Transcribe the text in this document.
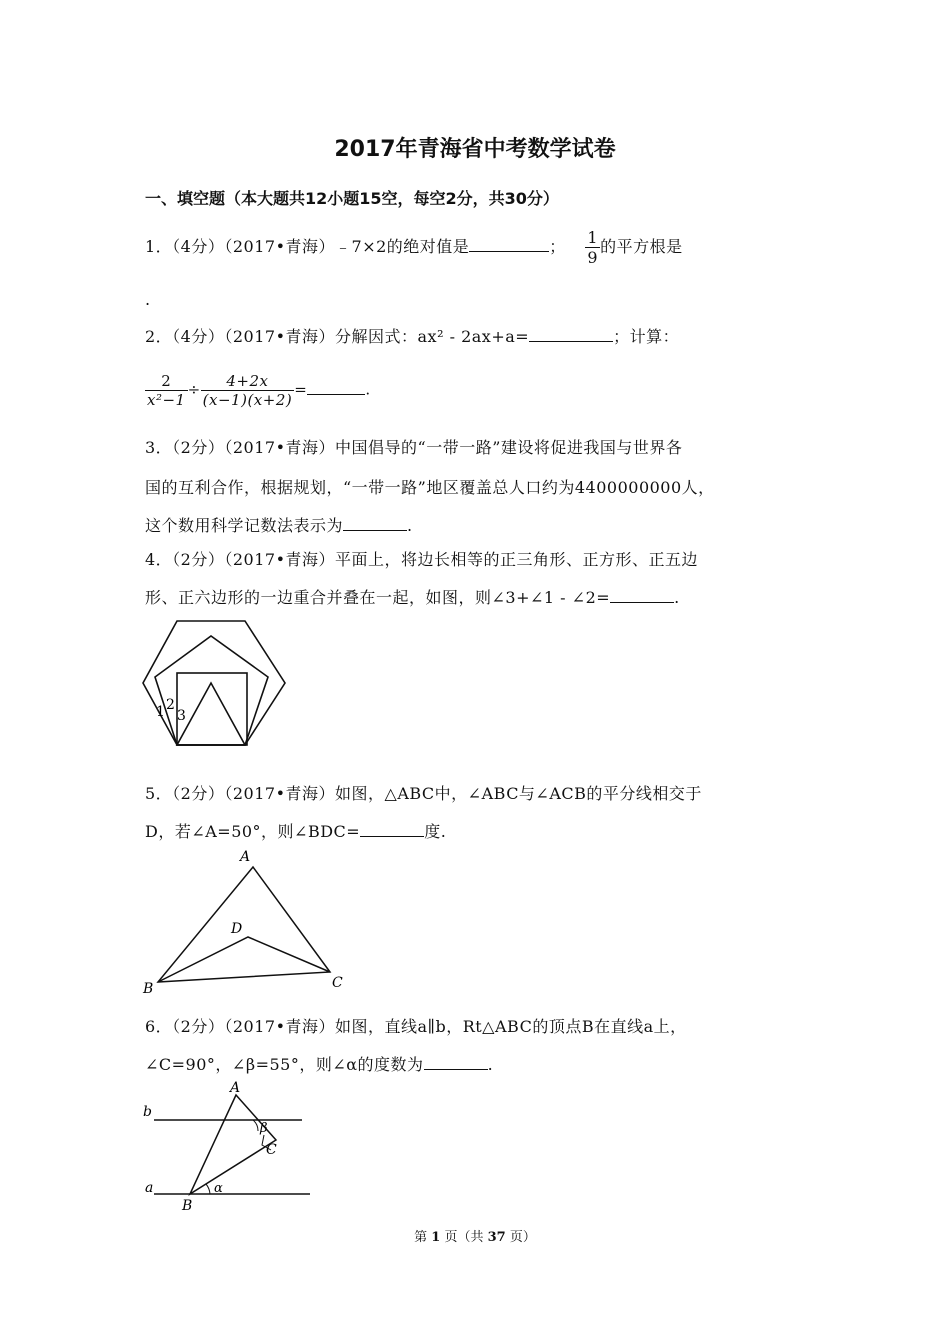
2017年青海省中考数学试卷
一、填空题（本大题共12小题15空，每空2分，共30分）
1．（4分）（2017•青海）﹣7×2的绝对值是	； $\frac{1}{9}$ 的平方根是
.
2．（4分）（2017•青海）分解因式：ax² - 2ax+a=	；计算：
$\frac{2}{\text{x²−1}} \div \frac{4+2x}{(x-1)(x+2)}$ =	.
3．（2分）（2017•青海）中国倡导的“一带一路”建设将促进我国与世界各
国的互利合作，根据规划，“一带一路”地区覆盖总人口约为4400000000人，
这个数用科学记数法表示为	.
4．（2分）（2017•青海）平面上，将边长相等的正三角形、正方形、正五边
形、正六边形的一边重合并叠在一起，如图，则∠3+∠1 - ∠2=	.
1 2
3
5．（2分）（2017•青海）如图，△ABC中，∠ABC与∠ACB的平分线相交于
D，若∠A=50°，则∠BDC=	度.
A
B	C
D
6．（2分）（2017•青海）如图，直线a∥b，Rt△ABC的顶点B在直线a上，
∠C=90°，∠β=55°，则∠α的度数为	.
A
B
C
b
a	α
β
第 1 页（共 37 页）
